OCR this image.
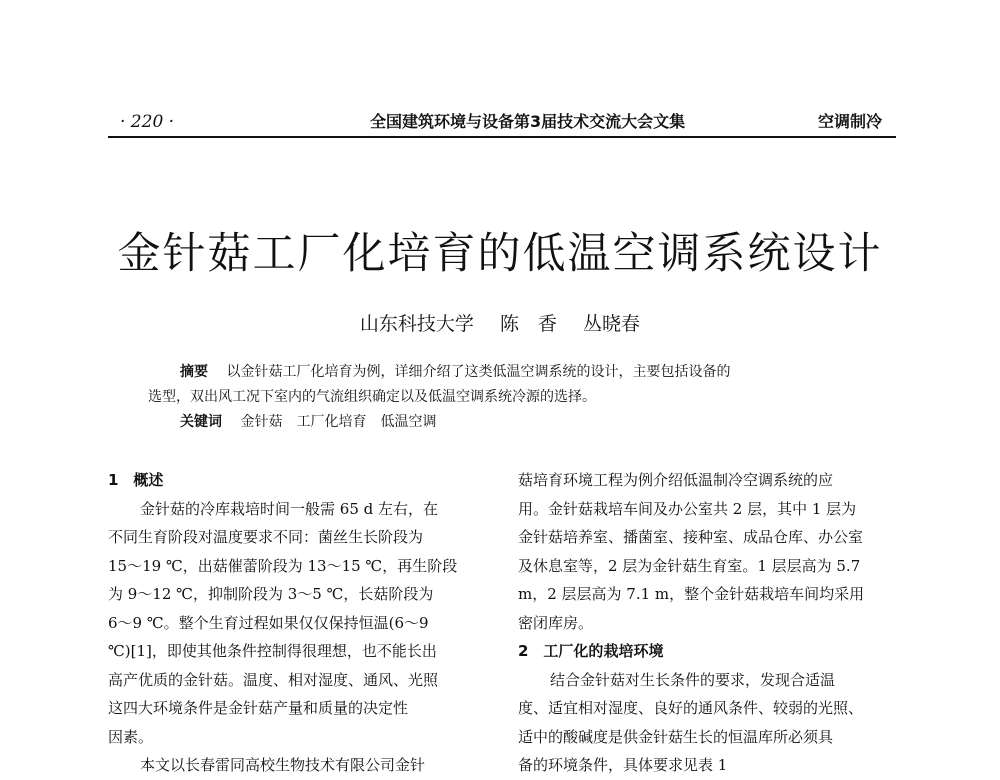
· 220 ·	全国建筑环境与设备第3届技术交流大会文集	空调制冷
金针菇工厂化培育的低温空调系统设计
山东科技大学 陈　香 丛晓春

摘要　 以金针菇工厂化培育为例，详细介绍了这类低温空调系统的设计，主要包括设备的

选型，双出风工况下室内的气流组织确定以及低温空调系统冷源的选择。

关键词　 金针菇　工厂化培育　低温空调

1　概述

金针菇的冷库栽培时间一般需 65 d 左右，在

不同生育阶段对温度要求不同：菌丝生长阶段为

15～19 ℃，出菇催蕾阶段为 13～15 ℃，再生阶段

为 9～12 ℃，抑制阶段为 3～5 ℃，长菇阶段为

6～9 ℃。整个生育过程如果仅仅保持恒温(6～9

℃)[1]，即使其他条件控制得很理想，也不能长出

高产优质的金针菇。温度、相对湿度、通风、光照

这四大环境条件是金针菇产量和质量的决定性

因素。

本文以长春雷同高校生物技术有限公司金针

菇培育环境工程为例介绍低温制冷空调系统的应

用。金针菇栽培车间及办公室共 2 层，其中 1 层为

金针菇培养室、播菌室、接种室、成品仓库、办公室

及休息室等，2 层为金针菇生育室。1 层层高为 5.7

m，2 层层高为 7.1 m，整个金针菇栽培车间均采用

密闭库房。

2　工厂化的栽培环境

结合金针菇对生长条件的要求，发现合适温

度、适宜相对湿度、良好的通风条件、较弱的光照、

适中的酸碱度是供金针菇生长的恒温库所必须具

备的环境条件，具体要求见表 1
